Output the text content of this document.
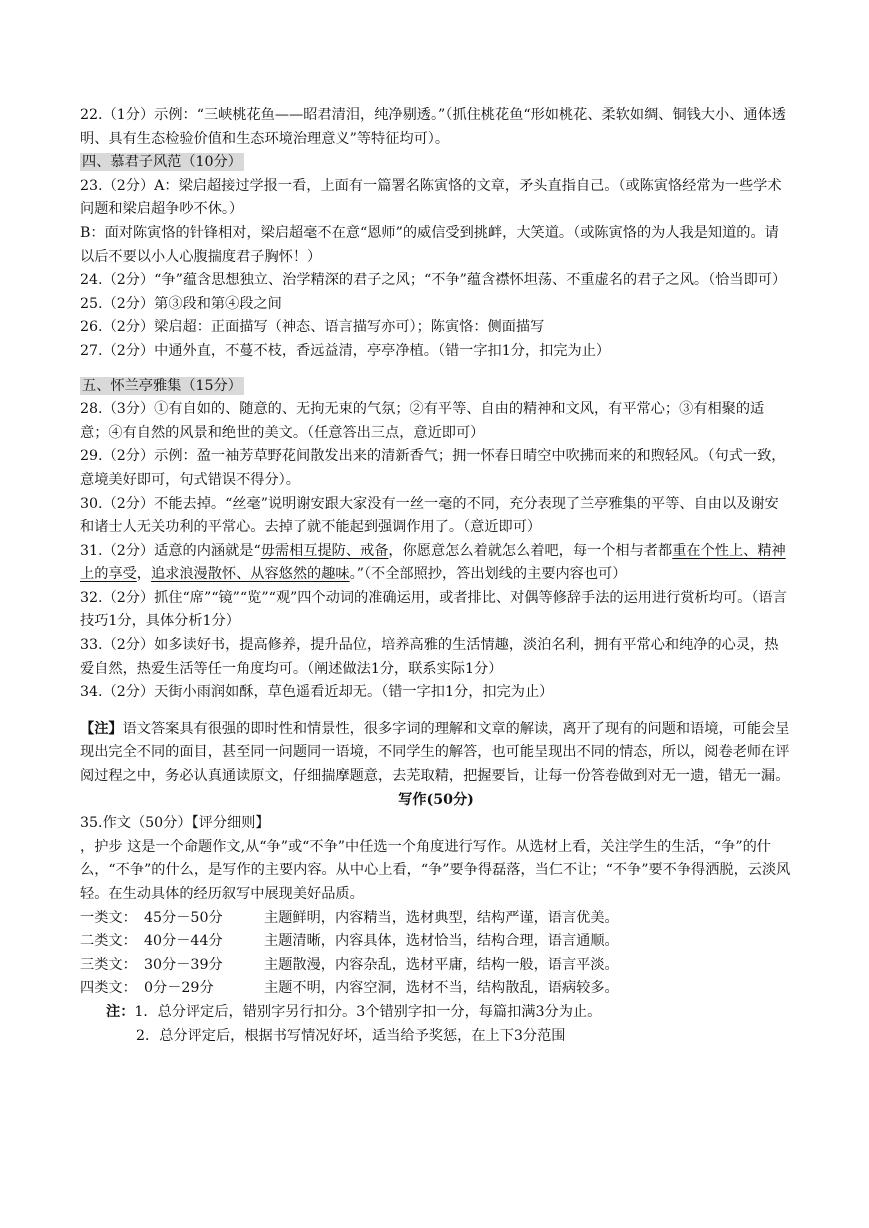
22.（1分）示例：“三峡桃花鱼——昭君清泪，纯净剔透。”（抓住桃花鱼“形如桃花、柔软如绸、铜钱大小、通体透明、具有生态检验价值和生态环境治理意义”等特征均可）。

四、慕君子风范（10分）

23.（2分）A：梁启超接过学报一看，上面有一篇署名陈寅恪的文章，矛头直指自己。（或陈寅恪经常为一些学术问题和梁启超争吵不休。）

B：面对陈寅恪的针锋相对，梁启超毫不在意“恩师”的威信受到挑衅，大笑道。（或陈寅恪的为人我是知道的。请以后不要以小人心腹揣度君子胸怀！）

24.（2分）“争”蕴含思想独立、治学精深的君子之风；“不争”蕴含襟怀坦荡、不重虚名的君子之风。（恰当即可）

25.（2分）第③段和第④段之间

26.（2分）梁启超：正面描写（神态、语言描写亦可）；陈寅恪：侧面描写

27.（2分）中通外直，不蔓不枝，香远益清，亭亭净植。（错一字扣1分，扣完为止）

五、怀兰亭雅集（15分）

28.（3分）①有自如的、随意的、无拘无束的气氛；②有平等、自由的精神和文风，有平常心；③有相聚的适意；④有自然的风景和绝世的美文。（任意答出三点，意近即可）

29.（2分）示例：盈一袖芳草野花间散发出来的清新香气；拥一怀春日晴空中吹拂而来的和煦轻风。（句式一致，意境美好即可，句式错误不得分）。

30.（2分）不能去掉。“丝毫”说明谢安跟大家没有一丝一毫的不同，充分表现了兰亭雅集的平等、自由以及谢安和诸士人无关功利的平常心。去掉了就不能起到强调作用了。（意近即可）

31.（2分）适意的内涵就是“毋需相互提防、戒备，你愿意怎么着就怎么着吧，每一个相与者都重在个性上、精神上的享受，追求浪漫散怀、从容悠然的趣味。”（不全部照抄，答出划线的主要内容也可）

32.（2分）抓住“席”“镜”“览”“观”四个动词的准确运用，或者排比、对偶等修辞手法的运用进行赏析均可。（语言技巧1分，具体分析1分）

33.（2分）如多读好书，提高修养，提升品位，培养高雅的生活情趣，淡泊名利，拥有平常心和纯净的心灵，热爱自然，热爱生活等任一角度均可。（阐述做法1分，联系实际1分）

34.（2分）天街小雨润如酥，草色遥看近却无。（错一字扣1分，扣完为止）

【注】语文答案具有很强的即时性和情景性，很多字词的理解和文章的解读，离开了现有的问题和语境，可能会呈现出完全不同的面目，甚至同一问题同一语境，不同学生的解答，也可能呈现出不同的情态，所以，阅卷老师在评阅过程之中，务必认真通读原文，仔细揣摩题意，去芜取精，把握要旨，让每一份答卷做到对无一遗，错无一漏。

写作(50分)

35.作文（50分）【评分细则】

，护步 这是一个命题作文,从“争”或“不争”中任选一个角度进行写作。从选材上看，关注学生的生活，“争”的什么，“不争”的什么，是写作的主要内容。从中心上看，“争”要争得磊落，当仁不让；“不争”要不争得洒脱，云淡风轻。在生动具体的经历叙写中展现美好品质。

一类文： 45分－50分	主题鲜明，内容精当，选材典型，结构严谨，语言优美。
二类文： 40分－44分	主题清晰，内容具体，选材恰当，结构合理，语言通顺。
三类文： 30分－39分	主题散漫，内容杂乱，选材平庸，结构一般，语言平淡。
四类文： 0分－29分	主题不明，内容空洞，选材不当，结构散乱，语病较多。

注：1．总分评定后，错别字另行扣分。3个错别字扣一分，每篇扣满3分为止。

2．总分评定后，根据书写情况好坏，适当给予奖惩，在上下3分范围
